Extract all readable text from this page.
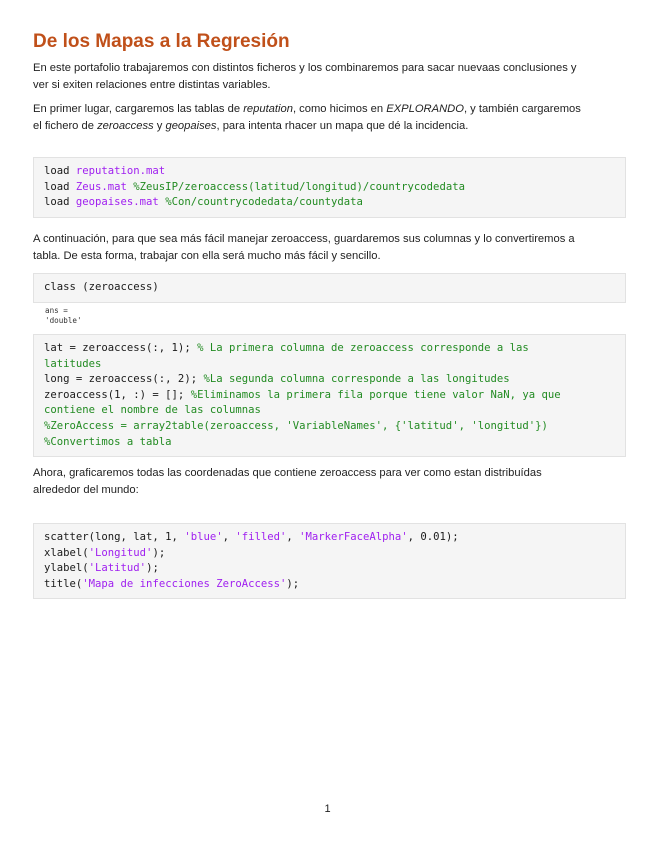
De los Mapas a la Regresión

En este portafolio trabajaremos con distintos ficheros y los combinaremos para sacar nuevaas conclusiones y
ver si exiten relaciones entre distintas variables.

En primer lugar, cargaremos las tablas de reputation, como hicimos en EXPLORANDO, y también cargaremos
el fichero de zeroaccess y geopaises, para intenta rhacer un mapa que dé la incidencia.

load reputation.mat
load Zeus.mat %ZeusIP/zeroaccess(latitud/longitud)/countrycodedata
load geopaises.mat %Con/countrycodedata/countydata

A continuación, para que sea más fácil manejar zeroaccess, guardaremos sus columnas y lo convertiremos a
tabla. De esta forma, trabajar con ella será mucho más fácil y sencillo.

class (zeroaccess)
ans =
'double'
lat = zeroaccess(:, 1); % La primera columna de zeroaccess corresponde a las
latitudes
long = zeroaccess(:, 2); %La segunda columna corresponde a las longitudes
zeroaccess(1, :) = []; %Eliminamos la primera fila porque tiene valor NaN, ya que
contiene el nombre de las columnas
%ZeroAccess = array2table(zeroaccess, 'VariableNames', {'latitud', 'longitud'})
%Convertimos a tabla

Ahora, graficaremos todas las coordenadas que contiene zeroaccess para ver como estan distribuídas
alrededor del mundo:

scatter(long, lat, 1, 'blue', 'filled', 'MarkerFaceAlpha', 0.01);
xlabel('Longitud');
ylabel('Latitud');
title('Mapa de infecciones ZeroAccess');
1
